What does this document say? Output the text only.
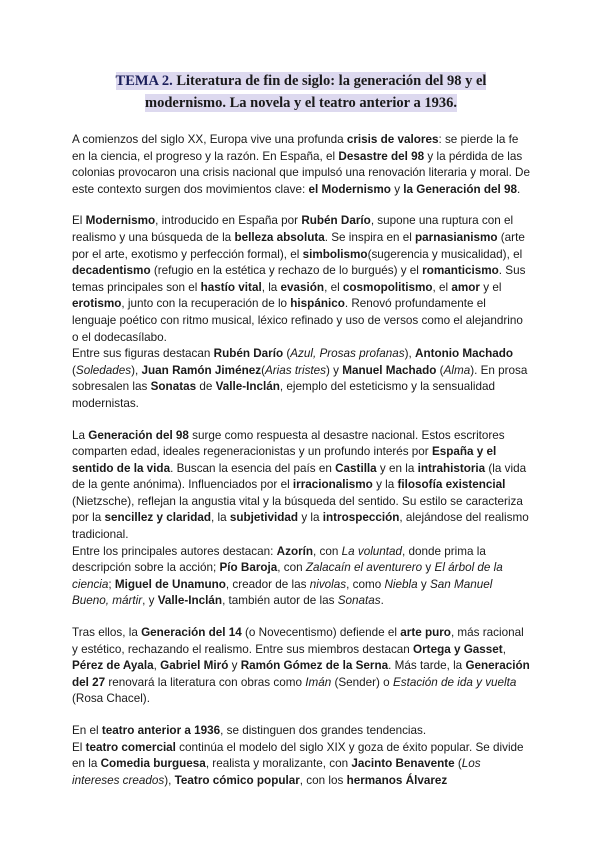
TEMA 2. Literatura de fin de siglo: la generación del 98 y el
modernismo. La novela y el teatro anterior a 1936.

A comienzos del siglo XX, Europa vive una profunda crisis de valores: se pierde la fe en la ciencia, el progreso y la razón. En España, el Desastre del 98 y la pérdida de las colonias provocaron una crisis nacional que impulsó una renovación literaria y moral. De este contexto surgen dos movimientos clave: el Modernismo y la Generación del 98.

El Modernismo, introducido en España por Rubén Darío, supone una ruptura con el realismo y una búsqueda de la belleza absoluta. Se inspira en el parnasianismo (arte por el arte, exotismo y perfección formal), el simbolismo(sugerencia y musicalidad), el decadentismo (refugio en la estética y rechazo de lo burgués) y el romanticismo. Sus temas principales son el hastío vital, la evasión, el cosmopolitismo, el amor y el erotismo, junto con la recuperación de lo hispánico. Renovó profundamente el lenguaje poético con ritmo musical, léxico refinado y uso de versos como el alejandrino o el dodecasílabo.

Entre sus figuras destacan Rubén Darío (Azul, Prosas profanas), Antonio Machado (Soledades), Juan Ramón Jiménez(Arias tristes) y Manuel Machado (Alma). En prosa sobresalen las Sonatas de Valle-Inclán, ejemplo del esteticismo y la sensualidad modernistas.

La Generación del 98 surge como respuesta al desastre nacional. Estos escritores comparten edad, ideales regeneracionistas y un profundo interés por España y el sentido de la vida. Buscan la esencia del país en Castilla y en la intrahistoria (la vida de la gente anónima). Influenciados por el irracionalismo y la filosofía existencial (Nietzsche), reflejan la angustia vital y la búsqueda del sentido. Su estilo se caracteriza por la sencillez y claridad, la subjetividad y la introspección, alejándose del realismo tradicional.

Entre los principales autores destacan: Azorín, con La voluntad, donde prima la descripción sobre la acción; Pío Baroja, con Zalacaín el aventurero y El árbol de la ciencia; Miguel de Unamuno, creador de las nivolas, como Niebla y San Manuel Bueno, mártir, y Valle-Inclán, también autor de las Sonatas.

Tras ellos, la Generación del 14 (o Novecentismo) defiende el arte puro, más racional y estético, rechazando el realismo. Entre sus miembros destacan Ortega y Gasset, Pérez de Ayala, Gabriel Miró y Ramón Gómez de la Serna. Más tarde, la Generación del 27 renovará la literatura con obras como Imán (Sender) o Estación de ida y vuelta (Rosa Chacel).

En el teatro anterior a 1936, se distinguen dos grandes tendencias.

El teatro comercial continúa el modelo del siglo XIX y goza de éxito popular. Se divide en la Comedia burguesa, realista y moralizante, con Jacinto Benavente (Los intereses creados), Teatro cómico popular, con los hermanos Álvarez
